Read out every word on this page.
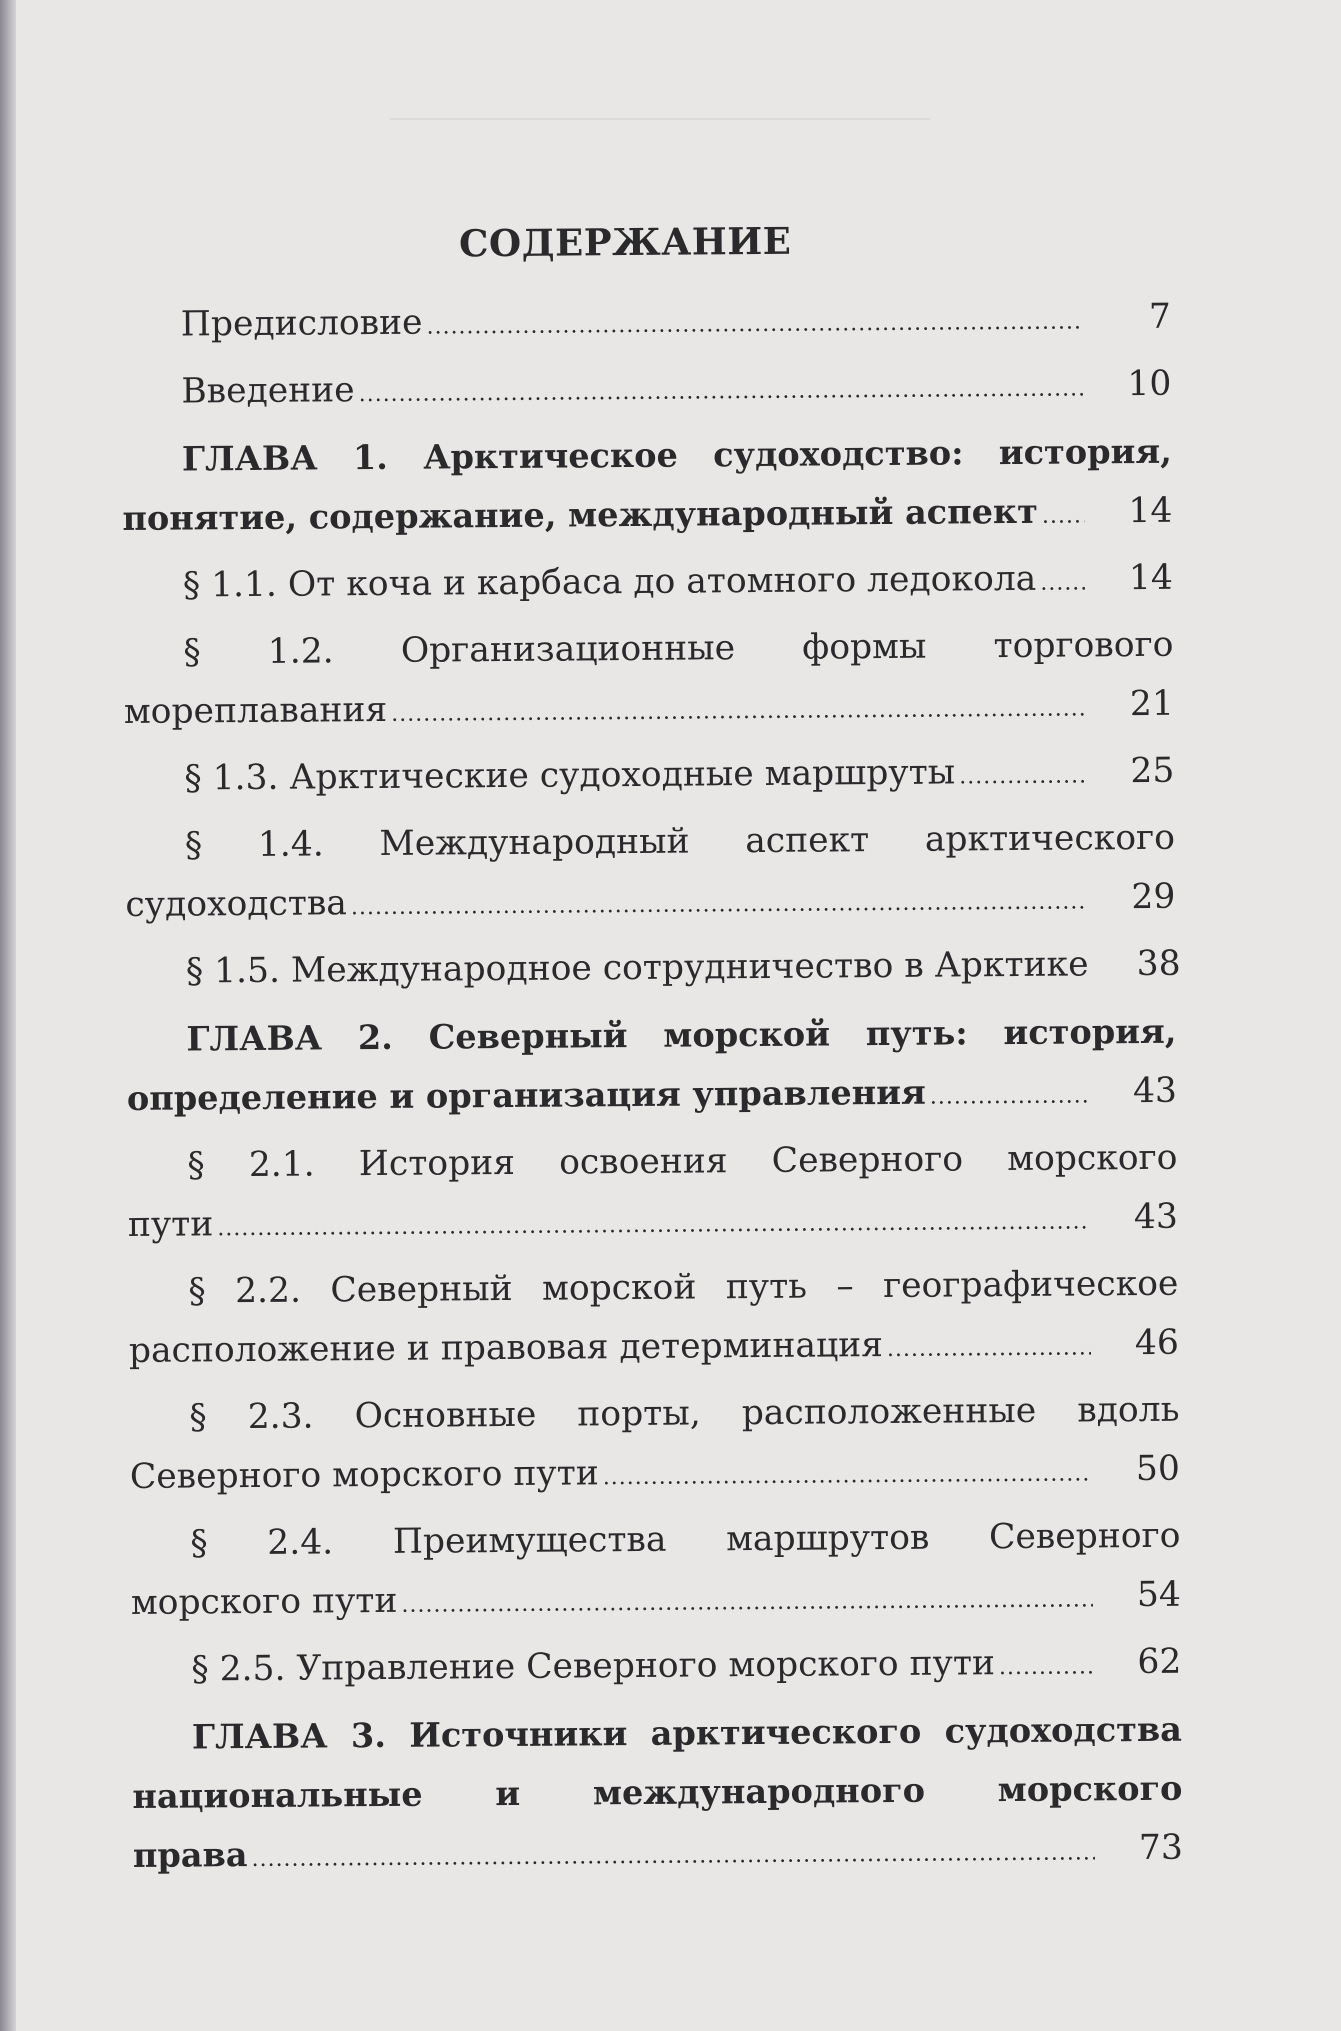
СОДЕРЖАНИЕ
Предисловие .....	7
Введение .....	10
ГЛАВА 1. Арктическое судоходство: история,
понятие, содержание, международный аспект .....	14
§ 1.1. От коча и карбаса до атомного ледокола .....	14
§ 1.2. Организационные формы торгового
мореплавания .....	21
§ 1.3. Арктические судоходные маршруты .....	25
§ 1.4. Международный аспект арктического
судоходства .....	29
§ 1.5. Международное сотрудничество в Арктике .....	38
ГЛАВА 2. Северный морской путь: история,
определение и организация управления .....	43
§ 2.1. История освоения Северного морского
пути .....	43
§ 2.2. Северный морской путь – географическое
расположение и правовая детерминация .....	46
§ 2.3. Основные порты, расположенные вдоль
Северного морского пути .....	50
§ 2.4. Преимущества маршрутов Северного
морского пути .....	54
§ 2.5. Управление Северного морского пути .....	62
ГЛАВА 3. Источники арктического судоходства
национальные и международного морского
права .....	73
